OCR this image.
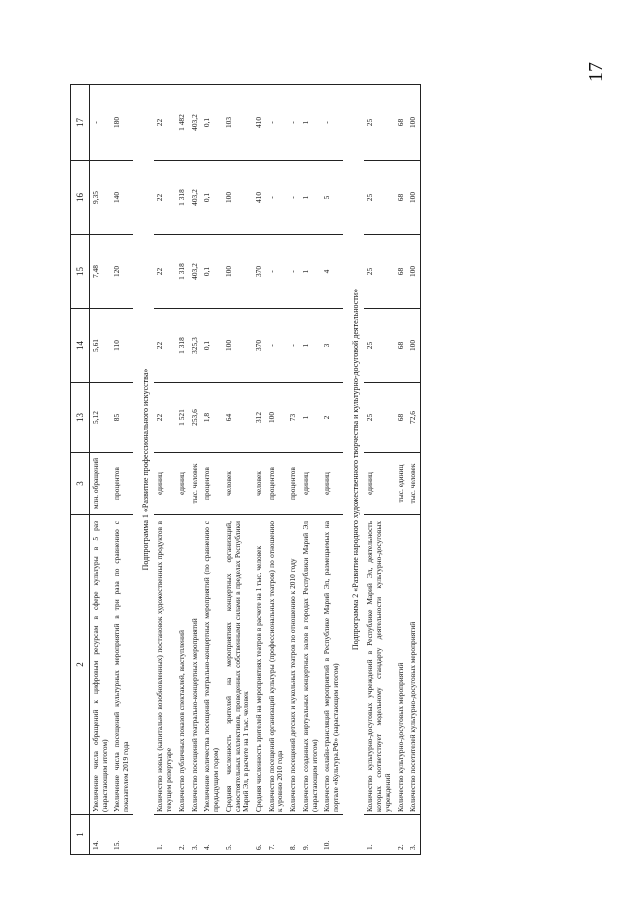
17
1	2	3	13	14	15	16	17
14.	Увеличение числа обращений к цифровым ресурсам в сфере культуры в 5 раз (нарастающим итогом)	млн. обращений	5,12	5,61	7,48	9,35	-
15.	Увеличение числа посещений культурных мероприятий в три раза по сравнению с показателем 2019 года	процентов	85	110	120	140	180
Подпрограмма 1 «Развитие профессионального искусства»							
1.	Количество новых (капитально возобновленных) постановок художественных продуктов в текущем репертуаре	единиц	22	22	22	22	22
2.	Количество публичных показов спектаклей, выступлений	единиц	1 521	1 318	1 318	1 318	1 482
3.	Количество посещений театрально-концертных мероприятий	тыс. человек	253,6	325,3	403,2	403,2	403,2
4.	Увеличение количества посещений театрально-концертных мероприятий (по сравнению с предыдущим годом)	процентов	1,8	0,1	0,1	0,1	0,1
5.	Средняя численность зрителей на мероприятиях концертных организаций, самостоятельных коллективов, проведенных собственными силами в пределах Республики Марий Эл, в расчете на 1 тыс. человек	человек	64	100	100	100	103
6.	Средняя численность зрителей на мероприятиях театров в расчете на 1 тыс. человек	человек	312	370	370	410	410
7.	Количество посещений организаций культуры (профессиональных театров) по отношению к уровню 2010 года	процентов	100	-	-	-	-
8.	Количество посещений детских и кукольных театров по отношению к 2010 году	процентов	73	-	-	-	-
9.	Количество созданных виртуальных концертных залов в городах Республики Марий Эл (нарастающим итогом)	единиц	1	1	1	1	1
10.	Количество онлайн-трансляций мероприятий в Республике Марий Эл, размещаемых на портале «Культура.РФ» (нарастающим итогом)	единиц	2	3	4	5	-
Подпрограмма 2 «Развитие народного художественного творчества и культурно-досуговой деятельности»							
1.	Количество культурно-досуговых учреждений в Республике Марий Эл, деятельность которых соответствует модельному стандарту деятельности культурно-досуговых учреждений	единиц	25	25	25	25	25
2.	Количество культурно-досуговых мероприятий	тыс. единиц	68	68	68	68	68
3.	Количество посетителей культурно-досуговых мероприятий	тыс. человек	72,6	100	100	100	100
